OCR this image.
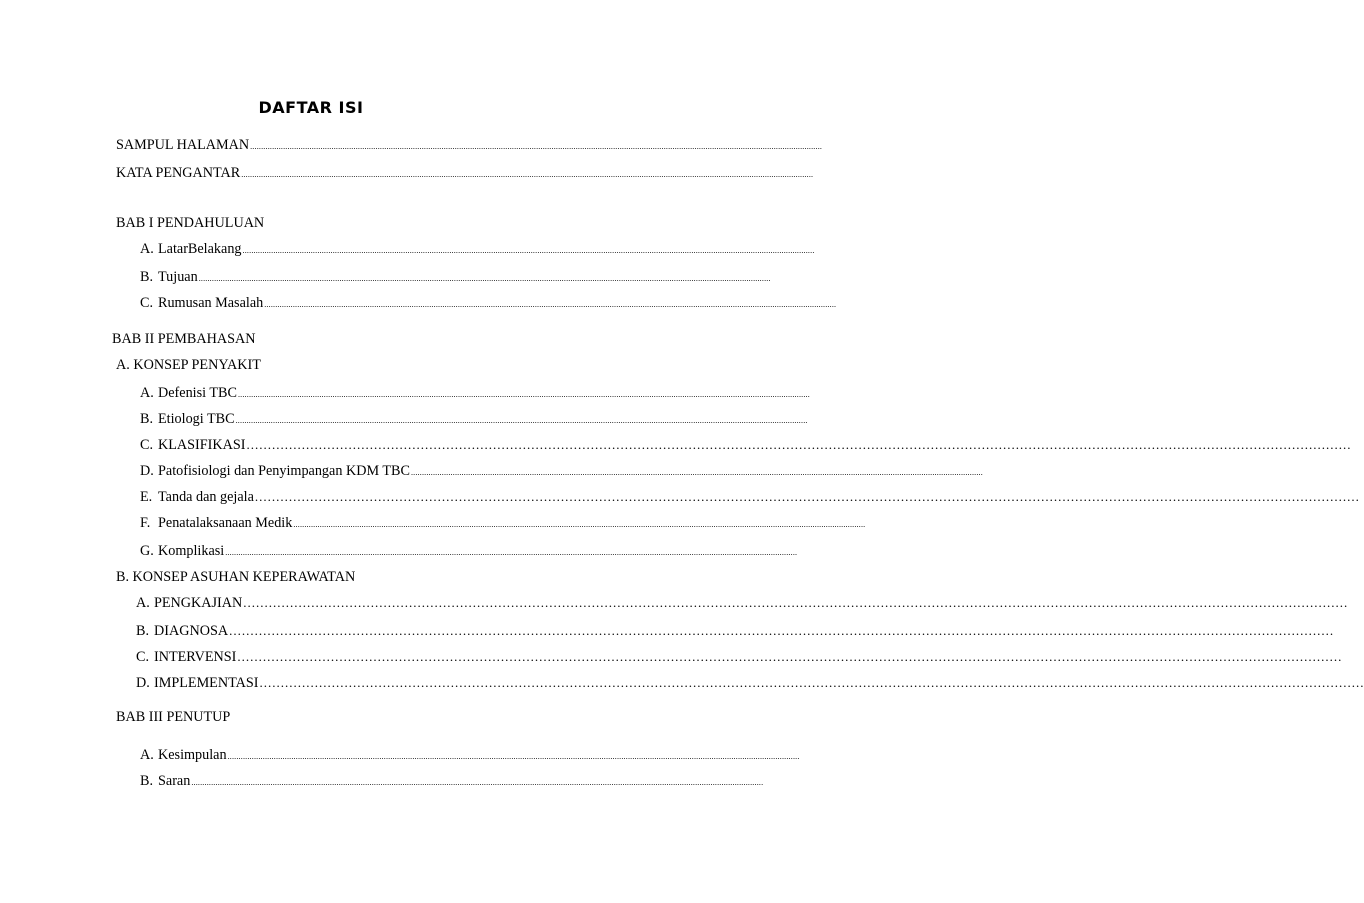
DAFTAR ISI
SAMPUL HALAMAN ....................................................................................................................................................................................................................................................................
KATA PENGANTAR ....................................................................................................................................................................................................................................................................
BAB I PENDAHULUAN
A. LatarBelakang ....................................................................................................................................................................................................................................................................
B. Tujuan ....................................................................................................................................................................................................................................................................
C. Rumusan Masalah ....................................................................................................................................................................................................................................................................
BAB II PEMBAHASAN
A. KONSEP PENYAKIT
A. Defenisi TBC ....................................................................................................................................................................................................................................................................
B. Etiologi TBC ....................................................................................................................................................................................................................................................................
C. KLASIFIKASI ....................................................................................................................................................................................................................................................................
D. Patofisiologi dan Penyimpangan KDM TBC ....................................................................................................................................................................................................................................................................
E. Tanda dan gejala ....................................................................................................................................................................................................................................................................
F. Penatalaksanaan Medik ....................................................................................................................................................................................................................................................................
G. Komplikasi ....................................................................................................................................................................................................................................................................
B. KONSEP ASUHAN KEPERAWATAN
A. PENGKAJIAN ....................................................................................................................................................................................................................................................................
B. DIAGNOSA ....................................................................................................................................................................................................................................................................
C. INTERVENSI ....................................................................................................................................................................................................................................................................
D. IMPLEMENTASI ....................................................................................................................................................................................................................................................................
BAB III PENUTUP
A. Kesimpulan ....................................................................................................................................................................................................................................................................
B. Saran ....................................................................................................................................................................................................................................................................
